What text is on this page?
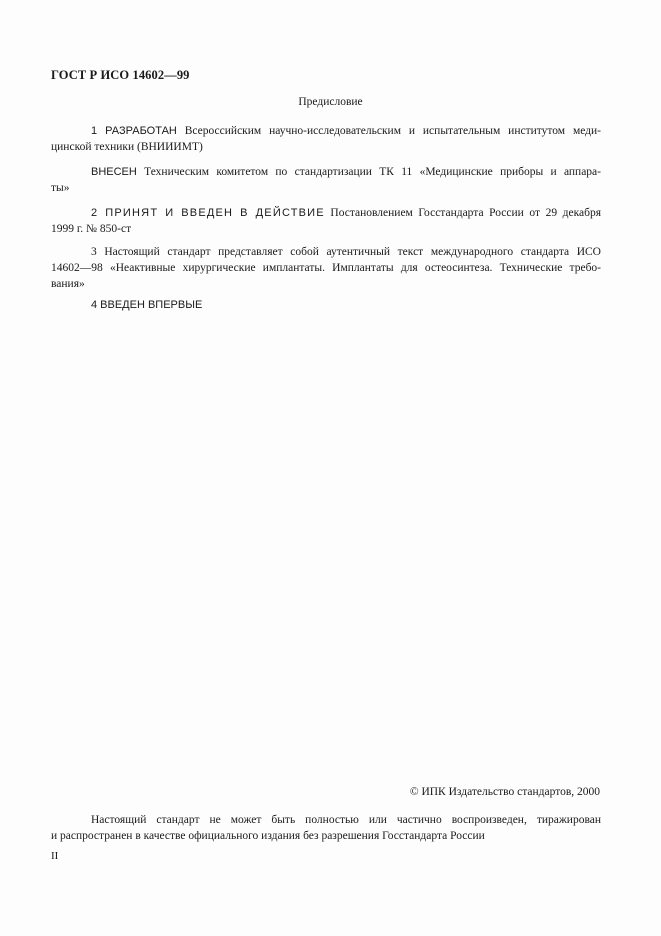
ГОСТ Р ИСО 14602—99
Предисловие
1 РАЗРАБОТАН Всероссийским научно-исследовательским и испытательным институтом меди-
цинской техники (ВНИИИМТ)
ВНЕСЕН Техническим комитетом по стандартизации ТК 11 «Медицинские приборы и аппара-
ты»
2 ПРИНЯТ И ВВЕДЕН В ДЕЙСТВИЕ Постановлением Госстандарта России от 29 декабря
1999 г. № 850-ст
3 Настоящий стандарт представляет собой аутентичный текст международного стандарта ИСО
14602—98 «Неактивные хирургические имплантаты. Имплантаты для остеосинтеза. Технические требо-
вания»
4 ВВЕДЕН ВПЕРВЫЕ
© ИПК Издательство стандартов, 2000
Настоящий стандарт не может быть полностью или частично воспроизведен, тиражирован
и распространен в качестве официального издания без разрешения Госстандарта России
II
